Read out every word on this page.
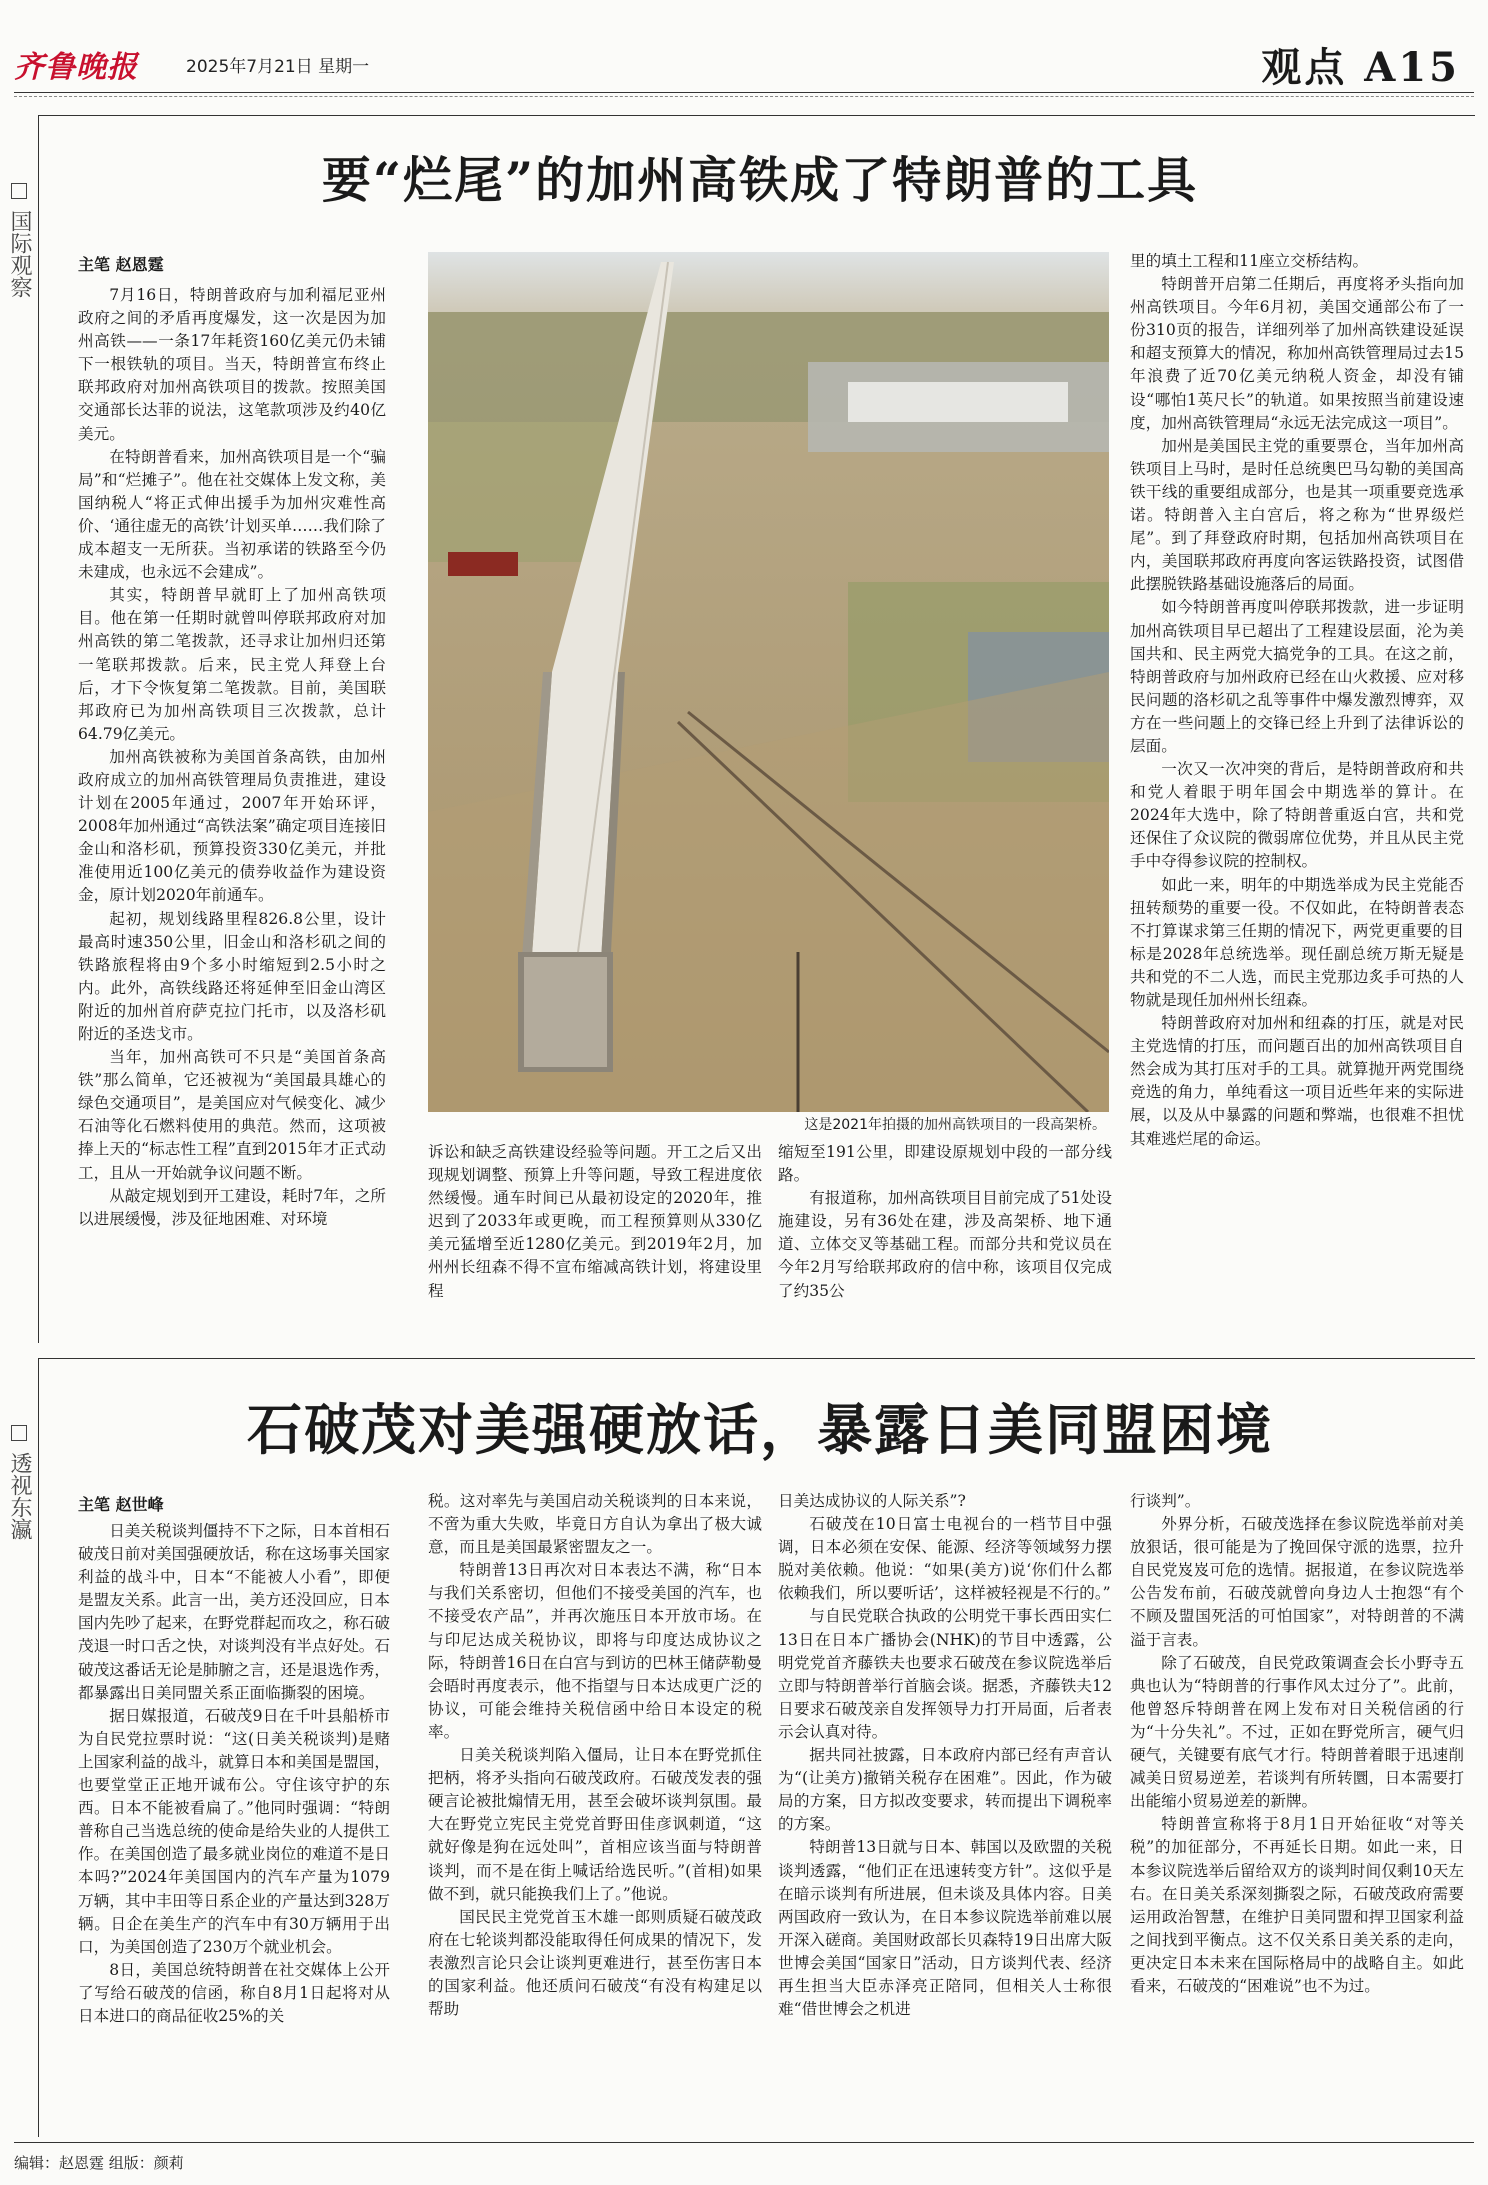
齐鲁晚报	2025年7月21日 星期一	观点 A15

国际观察
要“烂尾”的加州高铁成了特朗普的工具
主笔 赵恩霆

7月16日，特朗普政府与加利福尼亚州政府之间的矛盾再度爆发，这一次是因为加州高铁——一条17年耗资160亿美元仍未铺下一根铁轨的项目。当天，特朗普宣布终止联邦政府对加州高铁项目的拨款。按照美国交通部长达菲的说法，这笔款项涉及约40亿美元。

在特朗普看来，加州高铁项目是一个“骗局”和“烂摊子”。他在社交媒体上发文称，美国纳税人“将正式伸出援手为加州灾难性高价、‘通往虚无的高铁’计划买单……我们除了成本超支一无所获。当初承诺的铁路至今仍未建成，也永远不会建成”。

其实，特朗普早就盯上了加州高铁项目。他在第一任期时就曾叫停联邦政府对加州高铁的第二笔拨款，还寻求让加州归还第一笔联邦拨款。后来，民主党人拜登上台后，才下令恢复第二笔拨款。目前，美国联邦政府已为加州高铁项目三次拨款，总计64.79亿美元。

加州高铁被称为美国首条高铁，由加州政府成立的加州高铁管理局负责推进，建设计划在2005年通过，2007年开始环评，2008年加州通过“高铁法案”确定项目连接旧金山和洛杉矶，预算投资330亿美元，并批准使用近100亿美元的债券收益作为建设资金，原计划2020年前通车。

起初，规划线路里程826.8公里，设计最高时速350公里，旧金山和洛杉矶之间的铁路旅程将由9个多小时缩短到2.5小时之内。此外，高铁线路还将延伸至旧金山湾区附近的加州首府萨克拉门托市，以及洛杉矶附近的圣迭戈市。

当年，加州高铁可不只是“美国首条高铁”那么简单，它还被视为“美国最具雄心的绿色交通项目”，是美国应对气候变化、减少石油等化石燃料使用的典范。然而，这项被捧上天的“标志性工程”直到2015年才正式动工，且从一开始就争议问题不断。

从敲定规划到开工建设，耗时7年，之所以进展缓慢，涉及征地困难、对环境

这是2021年拍摄的加州高铁项目的一段高架桥。

诉讼和缺乏高铁建设经验等问题。开工之后又出现规划调整、预算上升等问题，导致工程进度依然缓慢。通车时间已从最初设定的2020年，推迟到了2033年或更晚，而工程预算则从330亿美元猛增至近1280亿美元。到2019年2月，加州州长纽森不得不宣布缩减高铁计划，将建设里程

缩短至191公里，即建设原规划中段的一部分线路。

有报道称，加州高铁项目目前完成了51处设施建设，另有36处在建，涉及高架桥、地下通道、立体交叉等基础工程。而部分共和党议员在今年2月写给联邦政府的信中称，该项目仅完成了约35公

里的填土工程和11座立交桥结构。

特朗普开启第二任期后，再度将矛头指向加州高铁项目。今年6月初，美国交通部公布了一份310页的报告，详细列举了加州高铁建设延误和超支预算大的情况，称加州高铁管理局过去15年浪费了近70亿美元纳税人资金，却没有铺设“哪怕1英尺长”的轨道。如果按照当前建设速度，加州高铁管理局“永远无法完成这一项目”。

加州是美国民主党的重要票仓，当年加州高铁项目上马时，是时任总统奥巴马勾勒的美国高铁干线的重要组成部分，也是其一项重要竞选承诺。特朗普入主白宫后，将之称为“世界级烂尾”。到了拜登政府时期，包括加州高铁项目在内，美国联邦政府再度向客运铁路投资，试图借此摆脱铁路基础设施落后的局面。

如今特朗普再度叫停联邦拨款，进一步证明加州高铁项目早已超出了工程建设层面，沦为美国共和、民主两党大搞党争的工具。在这之前，特朗普政府与加州政府已经在山火救援、应对移民问题的洛杉矶之乱等事件中爆发激烈博弈，双方在一些问题上的交锋已经上升到了法律诉讼的层面。

一次又一次冲突的背后，是特朗普政府和共和党人着眼于明年国会中期选举的算计。在2024年大选中，除了特朗普重返白宫，共和党还保住了众议院的微弱席位优势，并且从民主党手中夺得参议院的控制权。

如此一来，明年的中期选举成为民主党能否扭转颓势的重要一役。不仅如此，在特朗普表态不打算谋求第三任期的情况下，两党更重要的目标是2028年总统选举。现任副总统万斯无疑是共和党的不二人选，而民主党那边炙手可热的人物就是现任加州州长纽森。

特朗普政府对加州和纽森的打压，就是对民主党选情的打压，而问题百出的加州高铁项目自然会成为其打压对手的工具。就算抛开两党围绕竞选的角力，单纯看这一项目近些年来的实际进展，以及从中暴露的问题和弊端，也很难不担忧其难逃烂尾的命运。

透视东瀛
石破茂对美强硬放话，暴露日美同盟困境
主笔 赵世峰

日美关税谈判僵持不下之际，日本首相石破茂日前对美国强硬放话，称在这场事关国家利益的战斗中，日本“不能被人小看”，即便是盟友关系。此言一出，美方还没回应，日本国内先吵了起来，在野党群起而攻之，称石破茂退一时口舌之快，对谈判没有半点好处。石破茂这番话无论是肺腑之言，还是退选作秀，都暴露出日美同盟关系正面临撕裂的困境。

据日媒报道，石破茂9日在千叶县船桥市为自民党拉票时说：“这(日美关税谈判)是赌上国家利益的战斗，就算日本和美国是盟国，也要堂堂正正地开诚布公。守住该守护的东西。日本不能被看扁了。”他同时强调：“特朗普称自己当选总统的使命是给失业的人提供工作。在美国创造了最多就业岗位的难道不是日本吗?”2024年美国国内的汽车产量为1079万辆，其中丰田等日系企业的产量达到328万辆。日企在美生产的汽车中有30万辆用于出口，为美国创造了230万个就业机会。

8日，美国总统特朗普在社交媒体上公开了写给石破茂的信函，称自8月1日起将对从日本进口的商品征收25%的关

税。这对率先与美国启动关税谈判的日本来说，不啻为重大失败，毕竟日方自认为拿出了极大诚意，而且是美国最紧密盟友之一。

特朗普13日再次对日本表达不满，称“日本与我们关系密切，但他们不接受美国的汽车，也不接受农产品”，并再次施压日本开放市场。在与印尼达成关税协议，即将与印度达成协议之际，特朗普16日在白宫与到访的巴林王储萨勒曼会晤时再度表示，他不指望与日本达成更广泛的协议，可能会维持关税信函中给日本设定的税率。

日美关税谈判陷入僵局，让日本在野党抓住把柄，将矛头指向石破茂政府。石破茂发表的强硬言论被批煽情无用，甚至会破坏谈判氛围。最大在野党立宪民主党党首野田佳彦讽刺道，“这就好像是狗在远处叫”，首相应该当面与特朗普谈判，而不是在街上喊话给选民听。”(首相)如果做不到，就只能换我们上了。”他说。

国民民主党党首玉木雄一郎则质疑石破茂政府在七轮谈判都没能取得任何成果的情况下，发表激烈言论只会让谈判更难进行，甚至伤害日本的国家利益。他还质问石破茂“有没有构建足以帮助

日美达成协议的人际关系”?

石破茂在10日富士电视台的一档节目中强调，日本必须在安保、能源、经济等领域努力摆脱对美依赖。他说：“如果(美方)说‘你们什么都依赖我们，所以要听话’，这样被轻视是不行的。”

与自民党联合执政的公明党干事长西田实仁13日在日本广播协会(NHK)的节目中透露，公明党党首齐藤铁夫也要求石破茂在参议院选举后立即与特朗普举行首脑会谈。据悉，齐藤铁夫12日要求石破茂亲自发挥领导力打开局面，后者表示会认真对待。

据共同社披露，日本政府内部已经有声音认为“(让美方)撤销关税存在困难”。因此，作为破局的方案，日方拟改变要求，转而提出下调税率的方案。

特朗普13日就与日本、韩国以及欧盟的关税谈判透露，“他们正在迅速转变方针”。这似乎是在暗示谈判有所进展，但未谈及具体内容。日美两国政府一致认为，在日本参议院选举前难以展开深入磋商。美国财政部长贝森特19日出席大阪世博会美国“国家日”活动，日方谈判代表、经济再生担当大臣赤泽亮正陪同，但相关人士称很难“借世博会之机进

行谈判”。

外界分析，石破茂选择在参议院选举前对美放狠话，很可能是为了挽回保守派的选票，拉升自民党岌岌可危的选情。据报道，在参议院选举公告发布前，石破茂就曾向身边人士抱怨“有个不顾及盟国死活的可怕国家”，对特朗普的不满溢于言表。

除了石破茂，自民党政策调查会长小野寺五典也认为“特朗普的行事作风太过分了”。此前，他曾怒斥特朗普在网上发布对日关税信函的行为“十分失礼”。不过，正如在野党所言，硬气归硬气，关键要有底气才行。特朗普着眼于迅速削减美日贸易逆差，若谈判有所转圜，日本需要打出能缩小贸易逆差的新牌。

特朗普宣称将于8月1日开始征收“对等关税”的加征部分，不再延长日期。如此一来，日本参议院选举后留给双方的谈判时间仅剩10天左右。在日美关系深刻撕裂之际，石破茂政府需要运用政治智慧，在维护日美同盟和捍卫国家利益之间找到平衡点。这不仅关系日美关系的走向，更决定日本未来在国际格局中的战略自主。如此看来，石破茂的“困难说”也不为过。

编辑：赵恩霆 组版：颜莉
